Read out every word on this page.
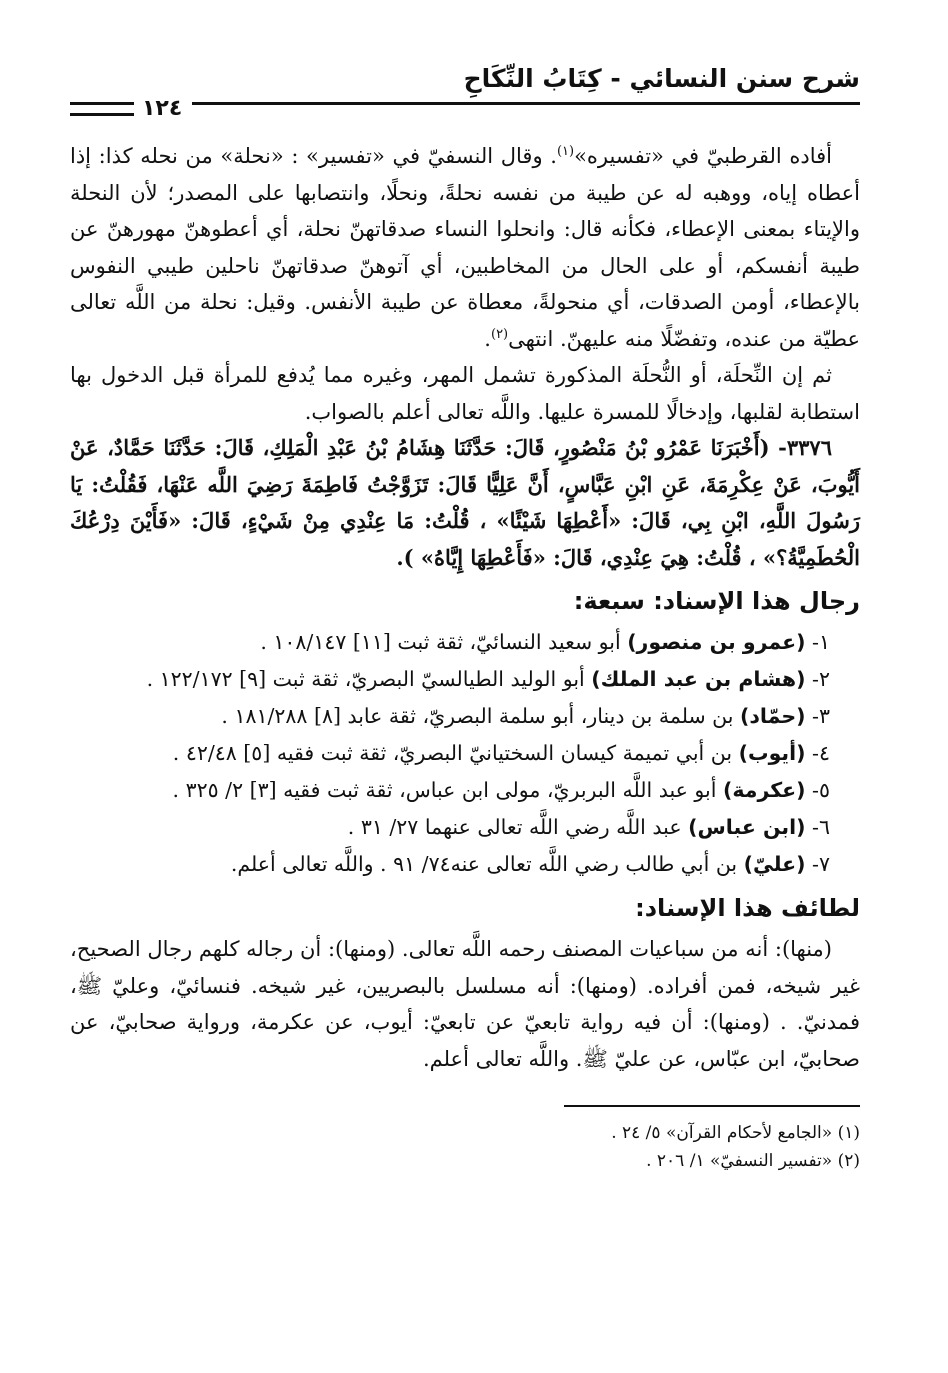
شرح سنن النسائي - كِتَابُ النِّكَاحِ
١٢٤

أفاده القرطبيّ في «تفسيره»$^{(١)}$. وقال النسفيّ في «تفسير» : «نحلة» من نحله كذا: إذا أعطاه إياه، ووهبه له عن طيبة من نفسه نحلةً، ونحلًا، وانتصابها على المصدر؛ لأن النحلة والإيتاء بمعنى الإعطاء، فكأنه قال: وانحلوا النساء صدقاتهنّ نحلة، أي أعطوهنّ مهورهنّ عن طيبة أنفسكم، أو على الحال من المخاطبين، أي آتوهنّ صدقاتهنّ ناحلين طيبي النفوس بالإعطاء، أومن الصدقات، أي منحولةً، معطاة عن طيبة الأنفس. وقيل: نحلة من اللَّه تعالى عطيّة من عنده، وتفضّلًا منه عليهنّ. انتهى$^{(٢)}$.

ثم إن النِّحلَة، أو النُّحلَة المذكورة تشمل المهر، وغيره مما يُدفع للمرأة قبل الدخول بها استطابة لقلبها، وإدخالًا للمسرة عليها. واللَّه تعالى أعلم بالصواب.

٣٣٧٦- (أَخْبَرَنَا عَمْرُو بْنُ مَنْصُورٍ، قَالَ: حَدَّثَنَا هِشَامُ بْنُ عَبْدِ الْمَلِكِ، قَالَ: حَدَّثَنَا حَمَّادٌ، عَنْ أَيُّوبَ، عَنْ عِكْرِمَةَ، عَنِ ابْنِ عَبَّاسٍ، أَنَّ عَلِيًّا قَالَ: تَزَوَّجْتُ فَاطِمَةَ رَضِيَ اللَّه عَنْهَا، فَقُلْتُ: يَا رَسُولَ اللَّهِ، ابْنِ بِي، قَالَ: «أَعْطِهَا شَيْئًا» ، قُلْتُ: مَا عِنْدِي مِنْ شَيْءٍ، قَالَ: «فَأَيْنَ دِرْعُكَ الْحُطَمِيَّةُ؟» ، قُلْتُ: هِيَ عِنْدِي، قَالَ: «فَأَعْطِهَا إِيَّاهُ» ).

رجال هذا الإسناد: سبعة:
١- (عمرو بن منصور) أبو سعيد النسائيّ، ثقة ثبت [١١] ١٠٨/١٤٧ .
٢- (هشام بن عبد الملك) أبو الوليد الطيالسيّ البصريّ، ثقة ثبت [٩] ١٢٢/١٧٢ .
٣- (حمّاد) بن سلمة بن دينار، أبو سلمة البصريّ، ثقة عابد [٨] ١٨١/٢٨٨ .
٤- (أيوب) بن أبي تميمة كيسان السختيانيّ البصريّ، ثقة ثبت فقيه [٥] ٤٢/٤٨ .
٥- (عكرمة) أبو عبد اللَّه البربريّ، مولى ابن عباس، ثقة ثبت فقيه [٣] ٢/ ٣٢٥ .
٦- (ابن عباس) عبد اللَّه رضي اللَّه تعالى عنهما ٢٧/ ٣١ .
٧- (عليّ) بن أبي طالب رضي اللَّه تعالى عنه٧٤/ ٩١ . واللَّه تعالى أعلم.
لطائف هذا الإسناد:

(منها): أنه من سباعيات المصنف رحمه اللَّه تعالى. (ومنها): أن رجاله كلهم رجال الصحيح، غير شيخه، فمن أفراده. (ومنها): أنه مسلسل بالبصريين، غير شيخه. فنسائيّ، وعليّ ﷺ، فمدنيّ. . (ومنها): أن فيه رواية تابعيّ عن تابعيّ: أيوب، عن عكرمة، ورواية صحابيّ، عن صحابيّ، ابن عبّاس، عن عليّ ﷺ. واللَّه تعالى أعلم.

(١) «الجامع لأحكام القرآن» ٥/ ٢٤ .
(٢) «تفسير النسفيّ» ١/ ٢٠٦ .
